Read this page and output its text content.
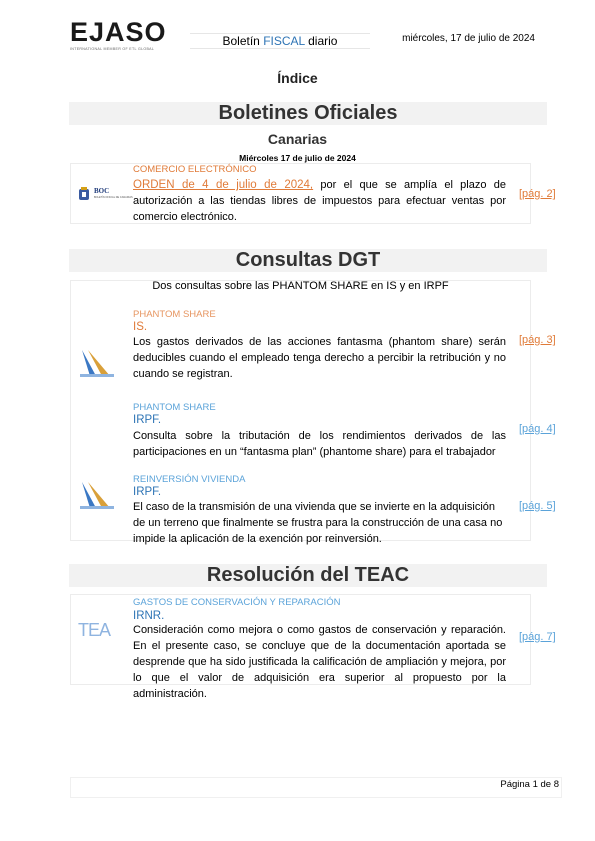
EJASO
INTERNATIONAL MEMBER OF ETL GLOBAL
Boletín FISCAL diario	miércoles, 17 de julio de 2024
Índice
Boletines Oficiales
Canarias
Miércoles 17 de julio de 2024
BOC
BOLETÍN OFICIAL DE CANARIAS
COMERCIO ELECTRÓNICO
ORDEN de 4 de julio de 2024, por el que se amplía el plazo de autorización a las tiendas libres de impuestos para efectuar ventas por comercio electrónico.
[pág. 2]
Consultas DGT
Dos consultas sobre las PHANTOM SHARE en IS y en IRPF
PHANTOM SHARE
IS.
Los gastos derivados de las acciones fantasma (phantom share) serán deducibles cuando el empleado tenga derecho a percibir la retribución y no cuando se registran.
[pág. 3]
PHANTOM SHARE
IRPF.
Consulta sobre la tributación de los rendimientos derivados de las participaciones en un “fantasma plan” (phantome share) para el trabajador
[pág. 4]
REINVERSIÓN VIVIENDA
IRPF.
El caso de la transmisión de una vivienda que se invierte en la adquisición de un terreno que finalmente se frustra para la construcción de una casa no impide la aplicación de la exención por reinversión.
[pág. 5]
Resolución del TEAC
TEA
GASTOS DE CONSERVACIÓN Y REPARACIÓN
IRNR.
Consideración como mejora o como gastos de conservación y reparación. En el presente caso, se concluye que de la documentación aportada se desprende que ha sido justificada la calificación de ampliación y mejora, por lo que el valor de adquisición era superior al propuesto por la administración.
[pág. 7]
Página 1 de 8
